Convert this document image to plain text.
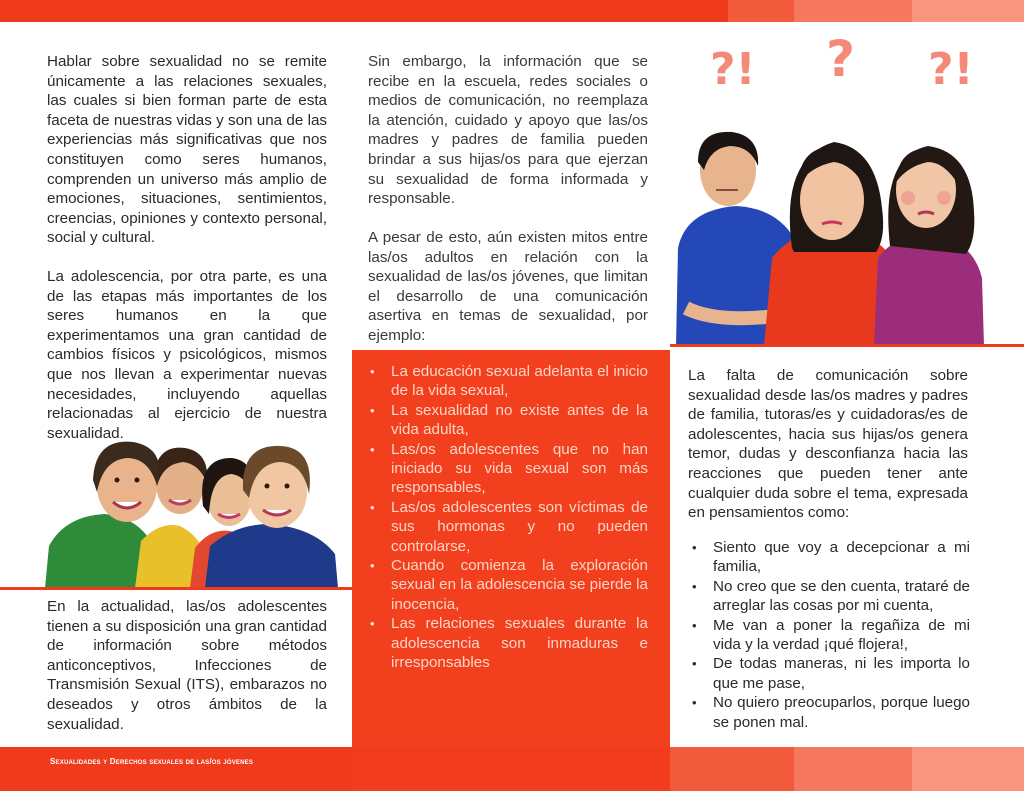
Hablar sobre sexualidad no se remite únicamente a las relaciones sexuales, las cuales si bien forman parte de esta faceta de nuestras vidas y son una de las experiencias más significativas que nos constituyen como seres humanos, comprenden un universo más amplio de emociones, situaciones, sentimientos, creencias, opiniones y contexto personal, social y cultural.

La adolescencia, por otra parte, es una de las etapas más importantes de los seres humanos en la que experimentamos una gran cantidad de cambios físicos y psicológicos, mismos que nos llevan a experimentar nuevas necesidades, incluyendo aquellas relacionadas al ejercicio de nuestra sexualidad.

En la actualidad, las/os adolescentes tienen a su disposición una gran cantidad de información sobre métodos anticonceptivos, Infecciones de Transmisión Sexual (ITS), embarazos no deseados y otros ámbitos de la sexualidad.

Sin embargo, la información que se recibe en la escuela, redes sociales o medios de comunicación, no reemplaza la atención, cuidado y apoyo que las/os madres y padres de familia pueden brindar a sus hijas/os para que ejerzan su sexualidad de forma informada y responsable.

A pesar de esto, aún existen mitos entre las/os adultos en relación con la sexualidad de las/os jóvenes, que limitan el desarrollo de una comunicación asertiva en temas de sexualidad, por ejemplo:

• La educación sexual adelanta el inicio de la vida sexual,
• La sexualidad no existe antes de la vida adulta,
• Las/os adolescentes que no han iniciado su vida sexual son más responsables,
• Las/os adolescentes son víctimas de sus hormonas y no pueden controlarse,
• Cuando comienza la exploración sexual en la adolescencia se pierde la inocencia,
• Las relaciones sexuales durante la adolescencia son inmaduras e irresponsables
?! ? ?!

La falta de comunicación sobre sexualidad desde las/os madres y padres de familia, tutoras/es y cuidadoras/es de adolescentes, hacia sus hijas/os genera temor, dudas y desconfianza hacia las reacciones que pueden tener ante cualquier duda sobre el tema, expresada en pensamientos como:

• Siento que voy a decepcionar a mi familia,
• No creo que se den cuenta, trataré de arreglar las cosas por mi cuenta,
• Me van a poner la regañiza de mi vida y la verdad ¡qué flojera!,
• De todas maneras, ni les importa lo que me pase,
• No quiero preocuparlos, porque luego se ponen mal.
Sexualidades y Derechos sexuales de las/os jóvenes
